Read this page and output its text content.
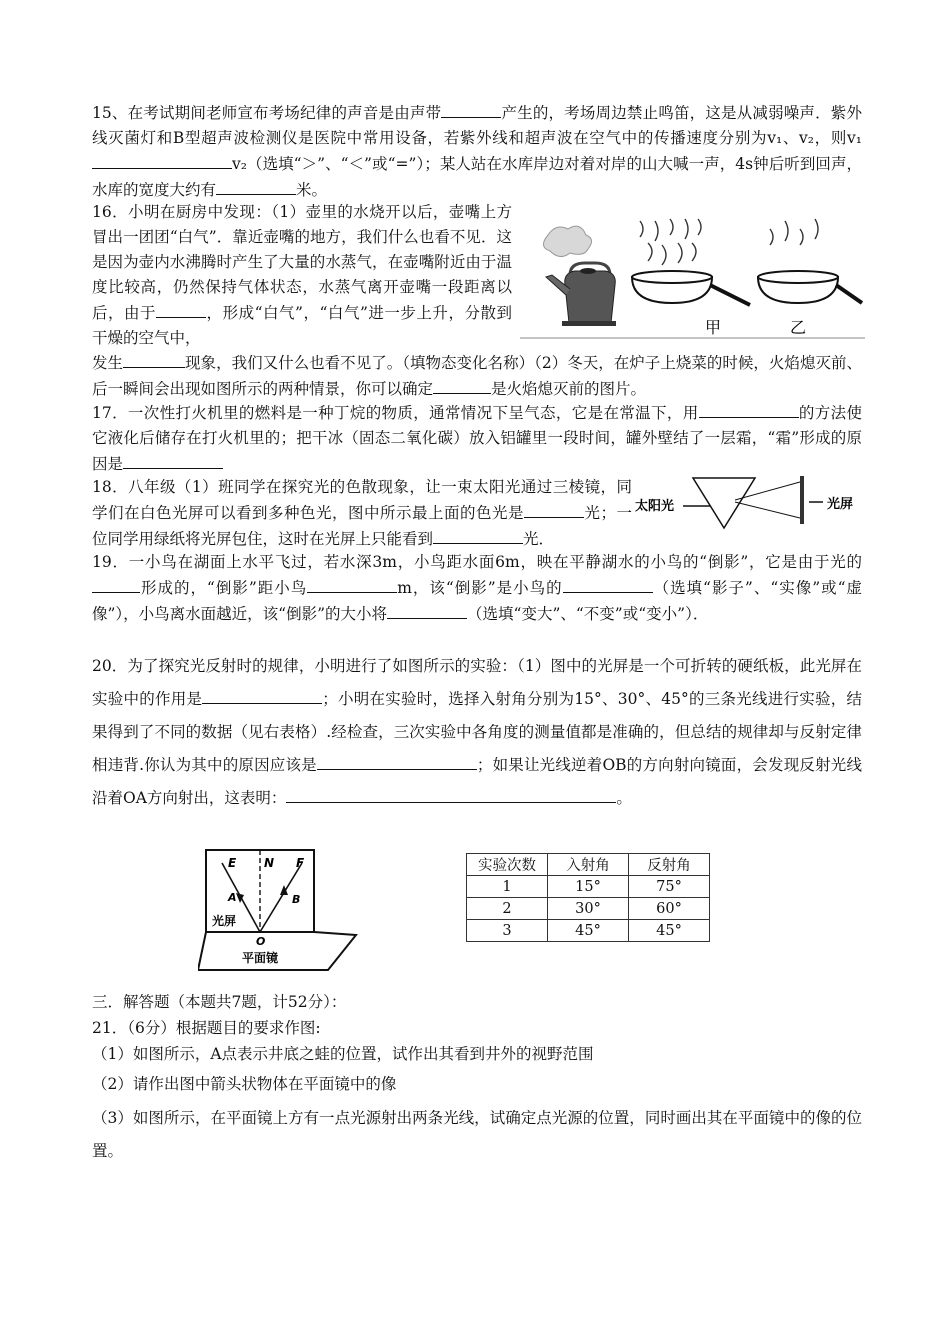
15、在考试期间老师宣布考场纪律的声音是由声带	产生的，考场周边禁止鸣笛，这是从减弱噪声．紫外线灭菌灯和B型超声波检测仪是医院中常用设备，若紫外线和超声波在空气中的传播速度分别为v₁、v₂，则v₁v₂（选填“＞”、“＜”或“=”）；某人站在水库岸边对着对岸的山大喊一声，4s钟后听到回声，水库的宽度大约有	米。

16．小明在厨房中发现：（1）壶里的水烧开以后，壶嘴上方冒出一团团“白气”．靠近壶嘴的地方，我们什么也看不见．这是因为壶内水沸腾时产生了大量的水蒸气，在壶嘴附近由于温度比较高，仍然保持气体状态，水蒸气离开壶嘴一段距离以后，由于	，形成“白气”，“白气”进一步上升，分散到干燥的空气中，

发生	现象，我们又什么也看不见了。（填物态变化名称）（2）冬天，在炉子上烧菜的时候，火焰熄灭前、后一瞬间会出现如图所示的两种情景，你可以确定	是火焰熄灭前的图片。

甲	乙

17．一次性打火机里的燃料是一种丁烷的物质，通常情况下呈气态，它是在常温下，用	的方法使它液化后储存在打火机里的；把干冰（固态二氧化碳）放入铝罐里一段时间，罐外壁结了一层霜，“霜”形成的原因是

18．八年级（1）班同学在探究光的色散现象，让一束太阳光通过三棱镜，同学们在白色光屏可以看到多种色光，图中所示最上面的色光是	光；一位同学用绿纸将光屏包住，这时在光屏上只能看到	光．

太阳光	光屏

19．一小鸟在湖面上水平飞过，若水深3m，小鸟距水面6m，映在平静湖水的小鸟的“倒影”，它是由于光的形成的，“倒影”距小鸟	m，该“倒影”是小鸟的	（选填“影子”、“实像”或“虚像”），小鸟离水面越近，该“倒影”的大小将	（选填“变大”、“不变”或“变小”）．

20．为了探究光反射时的规律，小明进行了如图所示的实验：（1）图中的光屏是一个可折转的硬纸板，此光屏在实验中的作用是	；小明在实验时，选择入射角分别为15°、30°、45°的三条光线进行实验，结果得到了不同的数据（见右表格）.经检查，三次实验中各角度的测量值都是准确的，但总结的规律却与反射定律相违背.你认为其中的原因应该是	；如果让光线逆着OB的方向射向镜面，会发现反射光线沿着OA方向射出，这表明：	。

E N F
A	B
O
光屏
平面镜
实验次数	入射角	反射角
1	15°	75°
2	30°	60°
3	45°	45°

三．解答题（本题共7题，计52分）：

21．（6分）根据题目的要求作图:

（1）如图所示，A点表示井底之蛙的位置，试作出其看到井外的视野范围

（2）请作出图中箭头状物体在平面镜中的像

（3）如图所示，在平面镜上方有一点光源射出两条光线，试确定点光源的位置，同时画出其在平面镜中的像的位置。
